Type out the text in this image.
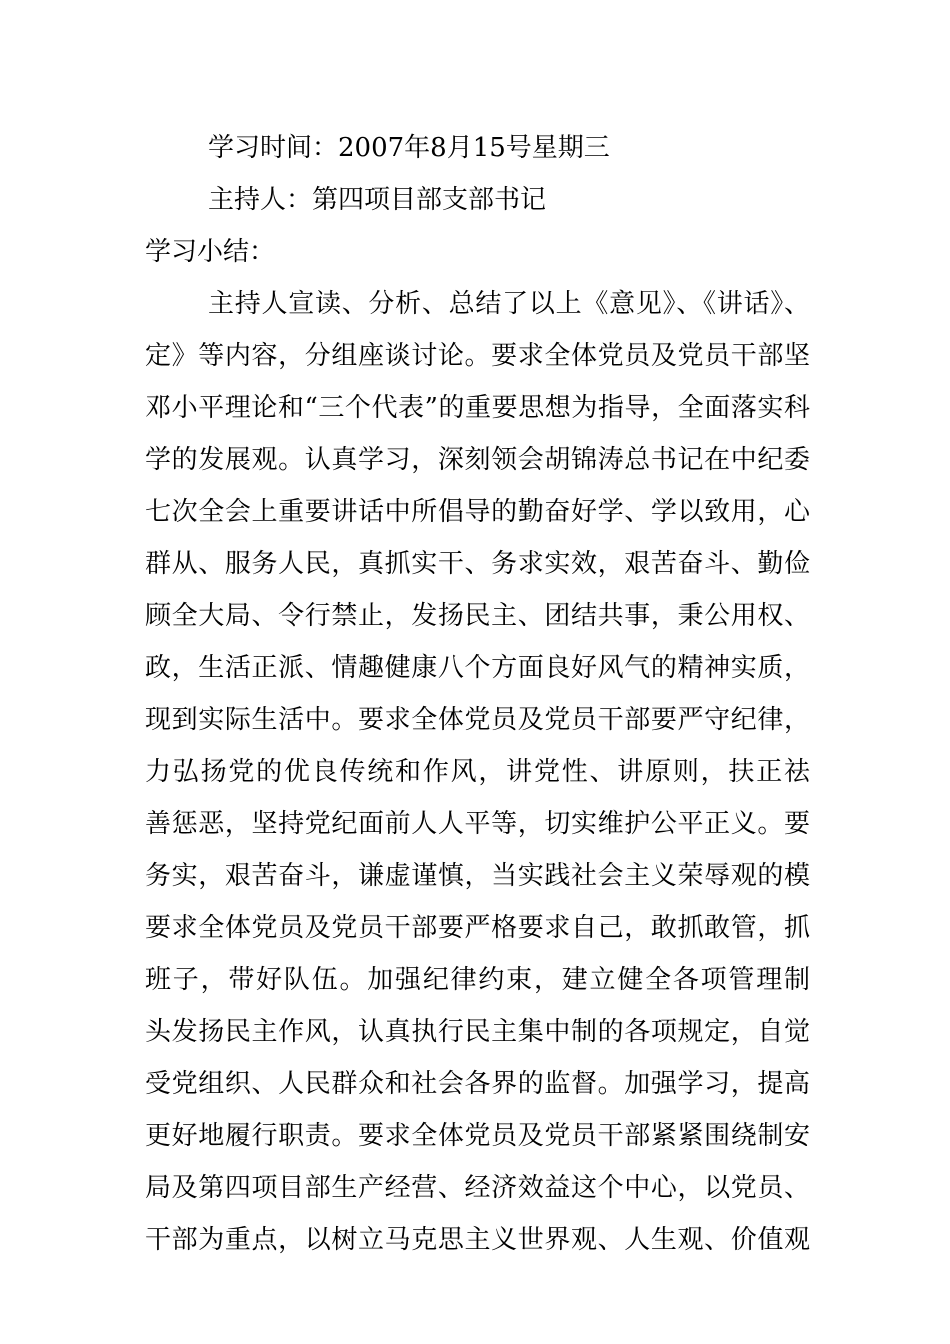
学习时间：2007年8月15号星期三
主持人：第四项目部支部书记
学习小结：
主持人宣读、分析、总结了以上《意见》、《讲话》、
定》等内容，分组座谈讨论。要求全体党员及党员干部坚
邓小平理论和“三个代表”的重要思想为指导，全面落实科
学的发展观。认真学习，深刻领会胡锦涛总书记在中纪委
七次全会上重要讲话中所倡导的勤奋好学、学以致用，心
群从、服务人民，真抓实干、务求实效，艰苦奋斗、勤俭
顾全大局、令行禁止，发扬民主、团结共事，秉公用权、
政，生活正派、情趣健康八个方面良好风气的精神实质，
现到实际生活中。要求全体党员及党员干部要严守纪律，
力弘扬党的优良传统和作风，讲党性、讲原则，扶正祛
善惩恶，坚持党纪面前人人平等，切实维护公平正义。要
务实，艰苦奋斗，谦虚谨慎，当实践社会主义荣辱观的模
要求全体党员及党员干部要严格要求自己，敢抓敢管，抓
班子，带好队伍。加强纪律约束，建立健全各项管理制
头发扬民主作风，认真执行民主集中制的各项规定，自觉
受党组织、人民群众和社会各界的监督。加强学习，提高
更好地履行职责。要求全体党员及党员干部紧紧围绕制安
局及第四项目部生产经营、经济效益这个中心，以党员、
干部为重点，以树立马克思主义世界观、人生观、价值观
